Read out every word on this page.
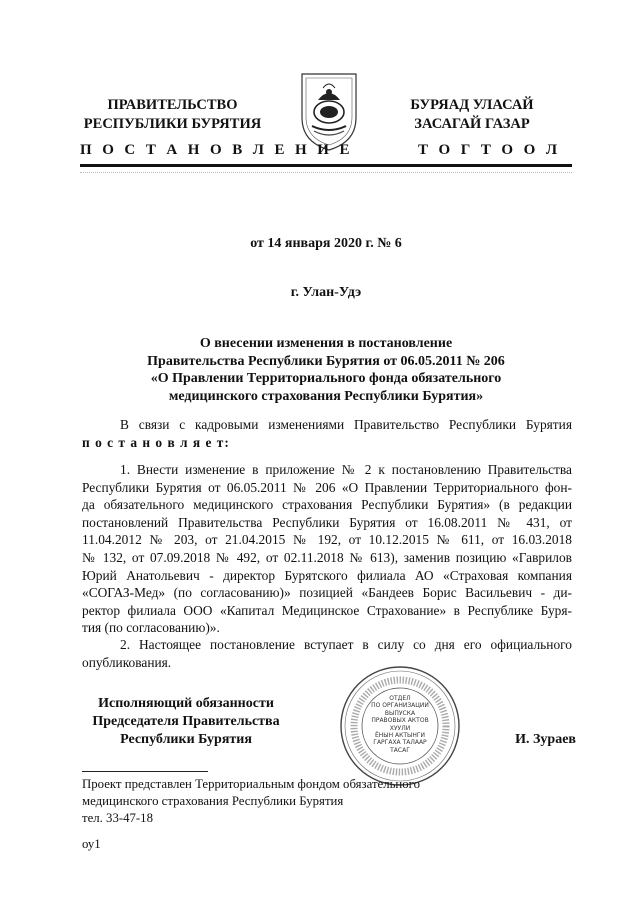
ПРАВИТЕЛЬСТВО
РЕСПУБЛИКИ БУРЯТИЯ
БУРЯАД УЛАСАЙ
ЗАСАГАЙ ГАЗАР
П О С Т А Н О В Л Е Н И Е	Т О Г Т О О Л
от 14 января 2020 г. № 6
г. Улан-Удэ
О внесении изменения в постановление
Правительства Республики Бурятия от 06.05.2011 № 206
«О Правлении Территориального фонда обязательного
медицинского страхования Республики Бурятия»
В связи с кадровыми изменениями Правительство Республики Бурятия
п о с т а н о в л я е т:
1. Внести изменение в приложение № 2 к постановлению Правительства
Республики Бурятия от 06.05.2011 № 206 «О Правлении Территориального фон-
да обязательного медицинского страхования Республики Бурятия» (в редакции
постановлений Правительства Республики Бурятия от 16.08.2011 № 431, от
11.04.2012 № 203, от 21.04.2015 № 192, от 10.12.2015 № 611, от 16.03.2018
№ 132, от 07.09.2018 № 492, от 02.11.2018 № 613), заменив позицию «Гаврилов
Юрий Анатольевич - директор Бурятского филиала АО «Страховая компания
«СОГАЗ-Мед» (по согласованию)» позицией «Бандеев Борис Васильевич - ди-
ректор филиала ООО «Капитал Медицинское Страхование» в Республике Буря-
тия (по согласованию)».
2. Настоящее постановление вступает в силу со дня его официального
опубликования.
Исполняющий обязанности
Председателя Правительства
Республики Бурятия
ОТДЕЛ
ПО ОРГАНИЗАЦИИ
ВЫПУСКА
ПРАВОВЫХ АКТОВ
ХУУЛИ
ЁНЫН АКТЫНГИ
ГАРГАХА ТАЛААР
ТАСАГ
И. Зураев
Проект представлен Территориальным фондом обязательного
медицинского страхования Республики Бурятия
тел. 33-47-18
оу1
